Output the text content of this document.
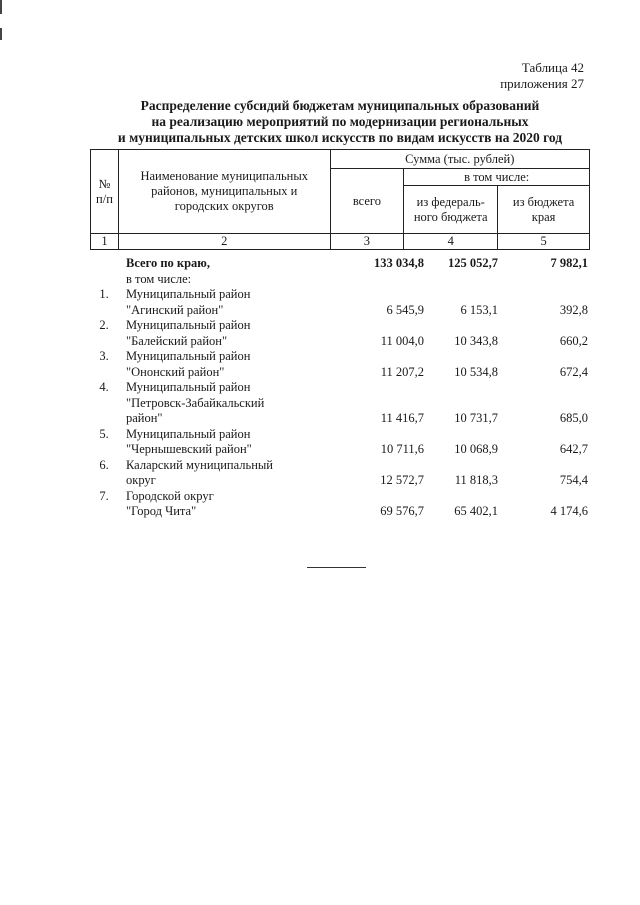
Таблица 42
приложения 27
Распределение субсидий бюджетам муниципальных образований
на реализацию мероприятий по модернизации региональных
и муниципальных детских школ искусств по видам искусств на 2020 год
№ п/п	Наименование муниципальных районов, муниципальных и городских округов	Сумма (тыс. рублей)		
		всего	в том числе:	
			из федераль- ного бюджета	из бюджета края
1	2	3	4	5
Всего по краю,	133 034,8	125 052,7	7 982,1
в том числе:
1.	Муниципальный район
"Агинский район"	6 545,9	6 153,1	392,8
2.	Муниципальный район
"Балейский район"	11 004,0	10 343,8	660,2
3.	Муниципальный район
"Ононский район"	11 207,2	10 534,8	672,4
4.	Муниципальный район
"Петровск-Забайкальский
район"	11 416,7	10 731,7	685,0
5.	Муниципальный район
"Чернышевский район"	10 711,6	10 068,9	642,7
6.	Каларский муниципальный
округ	12 572,7	11 818,3	754,4
7.	Городской округ
"Город Чита"	69 576,7	65 402,1	4 174,6
